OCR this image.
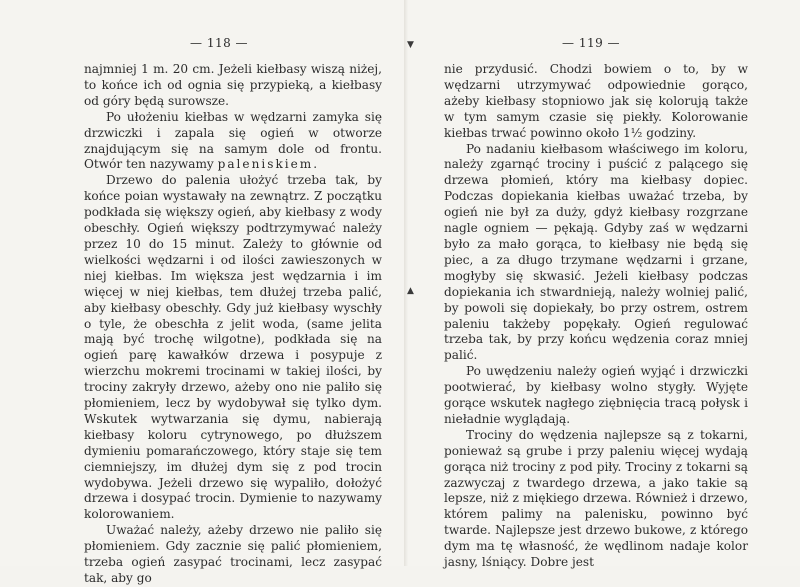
— 118 —

najmniej 1 m. 20 cm. Jeżeli kiełbasy wiszą niżej, to końce ich od ognia się przypieką, a kiełbasy od góry będą surowsze.

Po ułożeniu kiełbas w wędzarni zamyka się drzwiczki i zapala się ogień w otworze znajdującym się na samym dole od frontu. Otwór ten nazywamy paleniskiem.

Drzewo do palenia ułożyć trzeba tak, by końce poian wystawały na zewnątrz. Z początku podkłada się większy ogień, aby kiełbasy z wody obeschły. Ogień większy podtrzymywać należy przez 10 do 15 minut. Zależy to głównie od wielkości wędzarni i od ilości zawieszonych w niej kiełbas. Im większa jest wędzarnia i im więcej w niej kiełbas, tem dłużej trzeba palić, aby kiełbasy obeschły. Gdy już kiełbasy wyschły o tyle, że obeschła z jelit woda, (same jelita mają być trochę wilgotne), podkłada się na ogień parę kawałków drzewa i posypuje z wierzchu mokremi trocinami w takiej ilości, by trociny zakryły drzewo, ażeby ono nie paliło się płomieniem, lecz by wydobywał się tylko dym. Wskutek wytwarzania się dymu, nabierają kiełbasy koloru cytrynowego, po dłuższem dymieniu pomarańczowego, który staje się tem ciemniejszy, im dłużej dym się z pod trocin wydobywa. Jeżeli drzewo się wypaliło, dołożyć drzewa i dosypać trocin. Dymienie to nazywamy kolorowaniem.

Uważać należy, ażeby drzewo nie paliło się płomieniem. Gdy zacznie się palić płomieniem, trzeba ogień zasypać trocinami, lecz zasypać tak, aby go

▼
▲
— 119 —

nie przydusić. Chodzi bowiem o to, by w wędzarni utrzymywać odpowiednie gorąco, ażeby kiełbasy stopniowo jak się kolorują także w tym samym czasie się piekły. Kolorowanie kiełbas trwać powinno około 1½ godziny.

Po nadaniu kiełbasom właściwego im koloru, należy zgarnąć trociny i puścić z palącego się drzewa płomień, który ma kiełbasy dopiec. Podczas dopiekania kiełbas uważać trzeba, by ogień nie był za duży, gdyż kiełbasy rozgrzane nagle ogniem — pękają. Gdyby zaś w wędzarni było za mało gorąca, to kiełbasy nie będą się piec, a za długo trzymane wędzarni i grzane, mogłyby się skwasić. Jeżeli kiełbasy podczas dopiekania ich stwardnieją, należy wolniej palić, by powoli się dopiekały, bo przy ostrem, ostrem paleniu takżeby popękały. Ogień regulować trzeba tak, by przy końcu wędzenia coraz mniej palić.

Po uwędzeniu należy ogień wyjąć i drzwiczki pootwierać, by kiełbasy wolno stygły. Wyjęte gorące wskutek nagłego ziębnięcia tracą połysk i nieładnie wyglądają.

Trociny do wędzenia najlepsze są z tokarni, ponieważ są grube i przy paleniu więcej wydają gorąca niż trociny z pod piły. Trociny z tokarni są zazwyczaj z twardego drzewa, a jako takie są lepsze, niż z miękiego drzewa. Również i drzewo, którem palimy na palenisku, powinno być twarde. Najlepsze jest drzewo bukowe, z którego dym ma tę własność, że wędlinom nadaje kolor jasny, lśniący. Dobre jest
